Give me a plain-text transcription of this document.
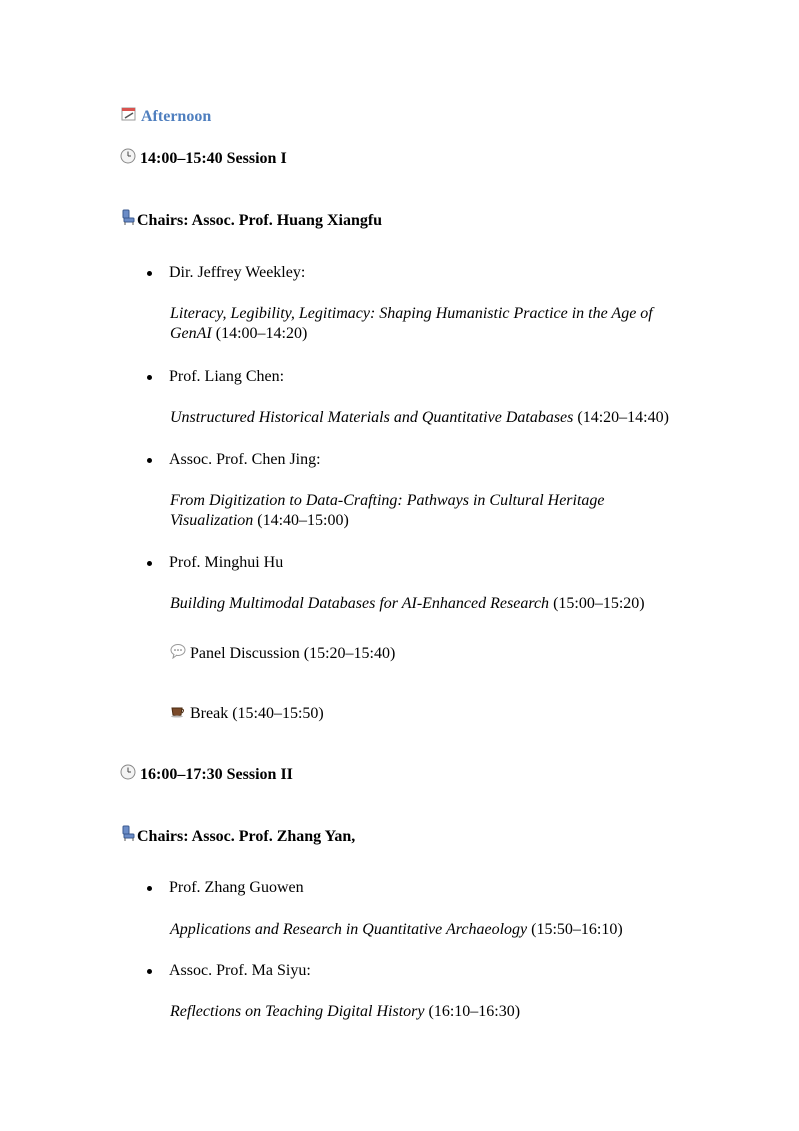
Afternoon
14:00–15:40 Session I
Chairs: Assoc. Prof. Huang Xiangfu
Dir. Jeffrey Weekley:
Literacy, Legibility, Legitimacy: Shaping Humanistic Practice in the Age of GenAI (14:00–14:20)
Prof. Liang Chen:
Unstructured Historical Materials and Quantitative Databases (14:20–14:40)
Assoc. Prof. Chen Jing:
From Digitization to Data-Crafting: Pathways in Cultural Heritage Visualization (14:40–15:00)
Prof. Minghui Hu
Building Multimodal Databases for AI-Enhanced Research (15:00–15:20)
Panel Discussion (15:20–15:40)
Break (15:40–15:50)
16:00–17:30 Session II
Chairs: Assoc. Prof. Zhang Yan,
Prof. Zhang Guowen
Applications and Research in Quantitative Archaeology (15:50–16:10)
Assoc. Prof. Ma Siyu:
Reflections on Teaching Digital History (16:10–16:30)
